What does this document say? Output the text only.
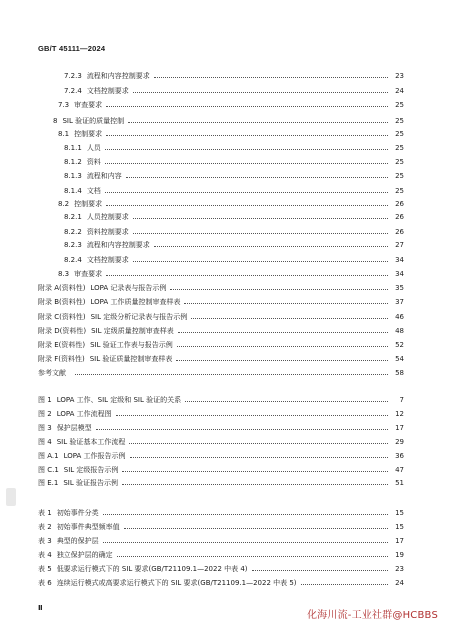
GB/T 45111—2024
7.2.3 流程和内容控制要求	23
7.2.4 文档控制要求	24
7.3 审查要求	25
8 SIL 验证的质量控制	25
8.1 控制要求	25
8.1.1 人员	25
8.1.2 资料	25
8.1.3 流程和内容	25
8.1.4 文档	25
8.2 控制要求	26
8.2.1 人员控制要求	26
8.2.2 资料控制要求	26
8.2.3 流程和内容控制要求	27
8.2.4 文档控制要求	34
8.3 审查要求	34
附录 A(资料性) LOPA 记录表与报告示例	35
附录 B(资料性) LOPA 工作质量控制审查样表	37
附录 C(资料性) SIL 定级分析记录表与报告示例	46
附录 D(资料性) SIL 定级质量控制审查样表	48
附录 E(资料性) SIL 验证工作表与报告示例	52
附录 F(资料性) SIL 验证质量控制审查样表	54
参考文献	58
图 1 LOPA 工作、SIL 定级和 SIL 验证的关系	7
图 2 LOPA 工作流程图	12
图 3 保护层模型	17
图 4 SIL 验证基本工作流程	29
图 A.1 LOPA 工作报告示例	36
图 C.1 SIL 定级报告示例	47
图 E.1 SIL 验证报告示例	51
表 1 初始事件分类	15
表 2 初始事件典型频率值	15
表 3 典型的保护层	17
表 4 独立保护层的确定	19
表 5 低要求运行模式下的 SIL 要求(GB/T21109.1—2022 中表 4)	23
表 6 连续运行模式或高要求运行模式下的 SIL 要求(GB/T21109.1—2022 中表 5)	24
Ⅱ
化海川流-工业社群@HCBBS
